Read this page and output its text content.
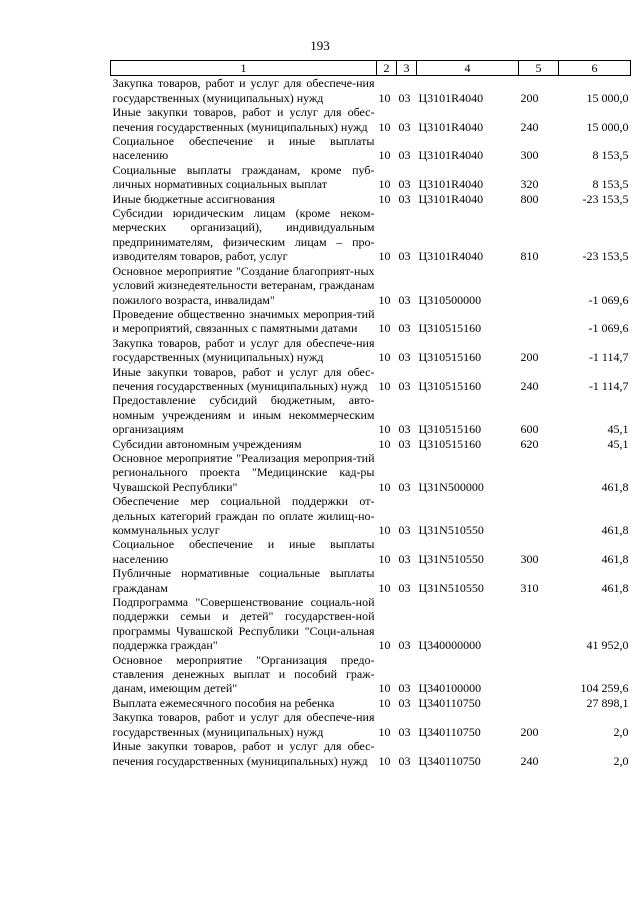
193
1	2	3	4	5	6
Закупка товаров, работ и услуг для обеспече-ния государственных (муниципальных) нужд	10	03	Ц3101R4040	200	15 000,0
Иные закупки товаров, работ и услуг для обес-печения государственных (муниципальных) нужд	10	03	Ц3101R4040	240	15 000,0
Социальное обеспечение и иные выплаты населению	10	03	Ц3101R4040	300	8 153,5
Социальные выплаты гражданам, кроме пуб-личных нормативных социальных выплат	10	03	Ц3101R4040	320	8 153,5
Иные бюджетные ассигнования	10	03	Ц3101R4040	800	-23 153,5
Субсидии юридическим лицам (кроме неком-мерческих организаций), индивидуальным предпринимателям, физическим лицам – про-изводителям товаров, работ, услуг	10	03	Ц3101R4040	810	-23 153,5
Основное мероприятие "Создание благоприят-ных условий жизнедеятельности ветеранам, гражданам пожилого возраста, инвалидам"	10	03	Ц310500000		-1 069,6
Проведение общественно значимых мероприя-тий и мероприятий, связанных с памятными датами	10	03	Ц310515160		-1 069,6
Закупка товаров, работ и услуг для обеспече-ния государственных (муниципальных) нужд	10	03	Ц310515160	200	-1 114,7
Иные закупки товаров, работ и услуг для обес-печения государственных (муниципальных) нужд	10	03	Ц310515160	240	-1 114,7
Предоставление субсидий бюджетным, авто-номным учреждениям и иным некоммерческим организациям	10	03	Ц310515160	600	45,1
Субсидии автономным учреждениям	10	03	Ц310515160	620	45,1
Основное мероприятие "Реализация мероприя-тий регионального проекта "Медицинские кад-ры Чувашской Республики"	10	03	Ц31N500000		461,8
Обеспечение мер социальной поддержки от-дельных категорий граждан по оплате жилищ-но-коммунальных услуг	10	03	Ц31N510550		461,8
Социальное обеспечение и иные выплаты населению	10	03	Ц31N510550	300	461,8
Публичные нормативные социальные выплаты гражданам	10	03	Ц31N510550	310	461,8
Подпрограмма "Совершенствование социаль-ной поддержки семьи и детей" государствен-ной программы Чувашской Республики "Соци-альная поддержка граждан"	10	03	Ц340000000		41 952,0
Основное мероприятие "Организация предо-ставления денежных выплат и пособий граж-данам, имеющим детей"	10	03	Ц340100000		104 259,6
Выплата ежемесячного пособия на ребенка	10	03	Ц340110750		27 898,1
Закупка товаров, работ и услуг для обеспече-ния государственных (муниципальных) нужд	10	03	Ц340110750	200	2,0
Иные закупки товаров, работ и услуг для обес-печения государственных (муниципальных) нужд	10	03	Ц340110750	240	2,0
